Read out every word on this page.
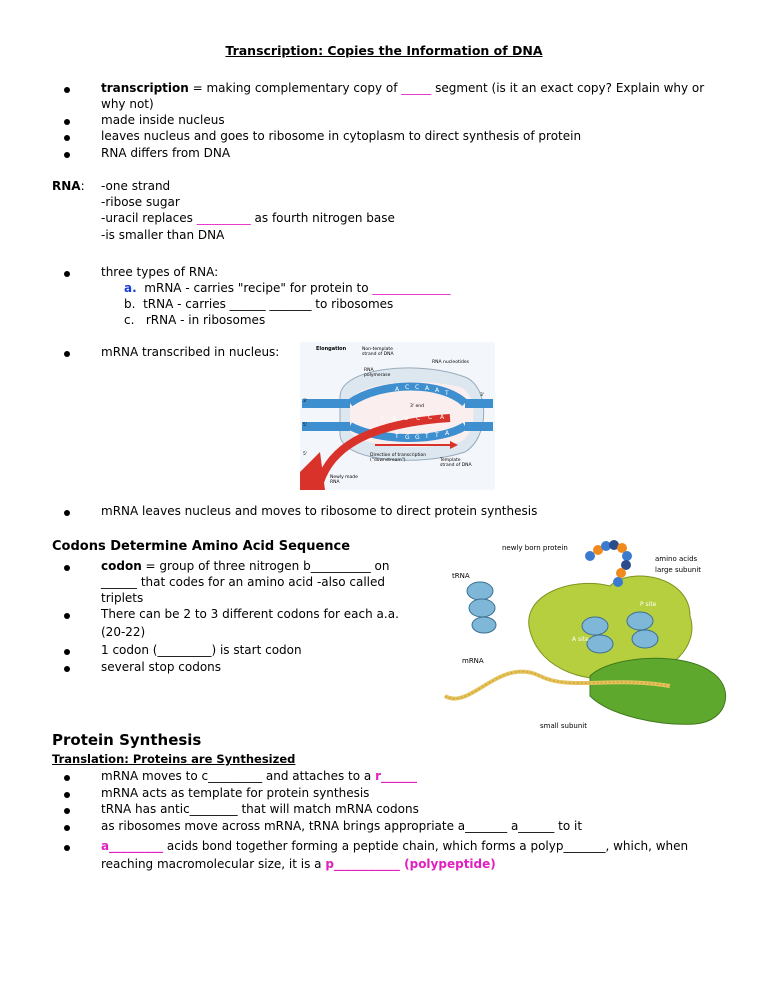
Transcription: Copies the Information of DNA
transcription = making complementary copy of _____ segment (is it an exact copy? Explain why or
why not)
made inside nucleus
leaves nucleus and goes to ribosome in cytoplasm to direct synthesis of protein
RNA differs from DNA
RNA: -one strand
-ribose sugar
-uracil replaces _________ as fourth nitrogen base
-is smaller than DNA
three types of RNA:
a. mRNA - carries "recipe" for protein to _____________
b. tRNA - carries ______ _______ to ribosomes
c. rRNA - in ribosomes
mRNA transcribed in nucleus:
A C C A A T
T G G T T A
C A U C C A
Elongation	Non-template
strand of DNA
RNA nucleotides
RNA
polymerase
3'
5'
5'
3'
3' end
Direction of transcription
("downstream")	Template
strand of DNA
Newly made
RNA
mRNA leaves nucleus and moves to ribosome to direct protein synthesis
Codons Determine Amino Acid Sequence
codon = group of three nitrogen b__________ on
______ that codes for an amino acid -also called
triplets
There can be 2 to 3 different codons for each a.a.
(20-22)
1 codon (_________) is start codon
several stop codons
newly born protein
amino acids
large subunit
tRNA
P site
A site
mRNA
small subunit
Protein Synthesis
Translation: Proteins are Synthesized
mRNA moves to c_________ and attaches to a r______
mRNA acts as template for protein synthesis
tRNA has antic________ that will match mRNA codons
as ribosomes move across mRNA, tRNA brings appropriate a_______ a______ to it
a_________ acids bond together forming a peptide chain, which forms a polyp_______, which, when
reaching macromolecular size, it is a p___________ (polypeptide)
